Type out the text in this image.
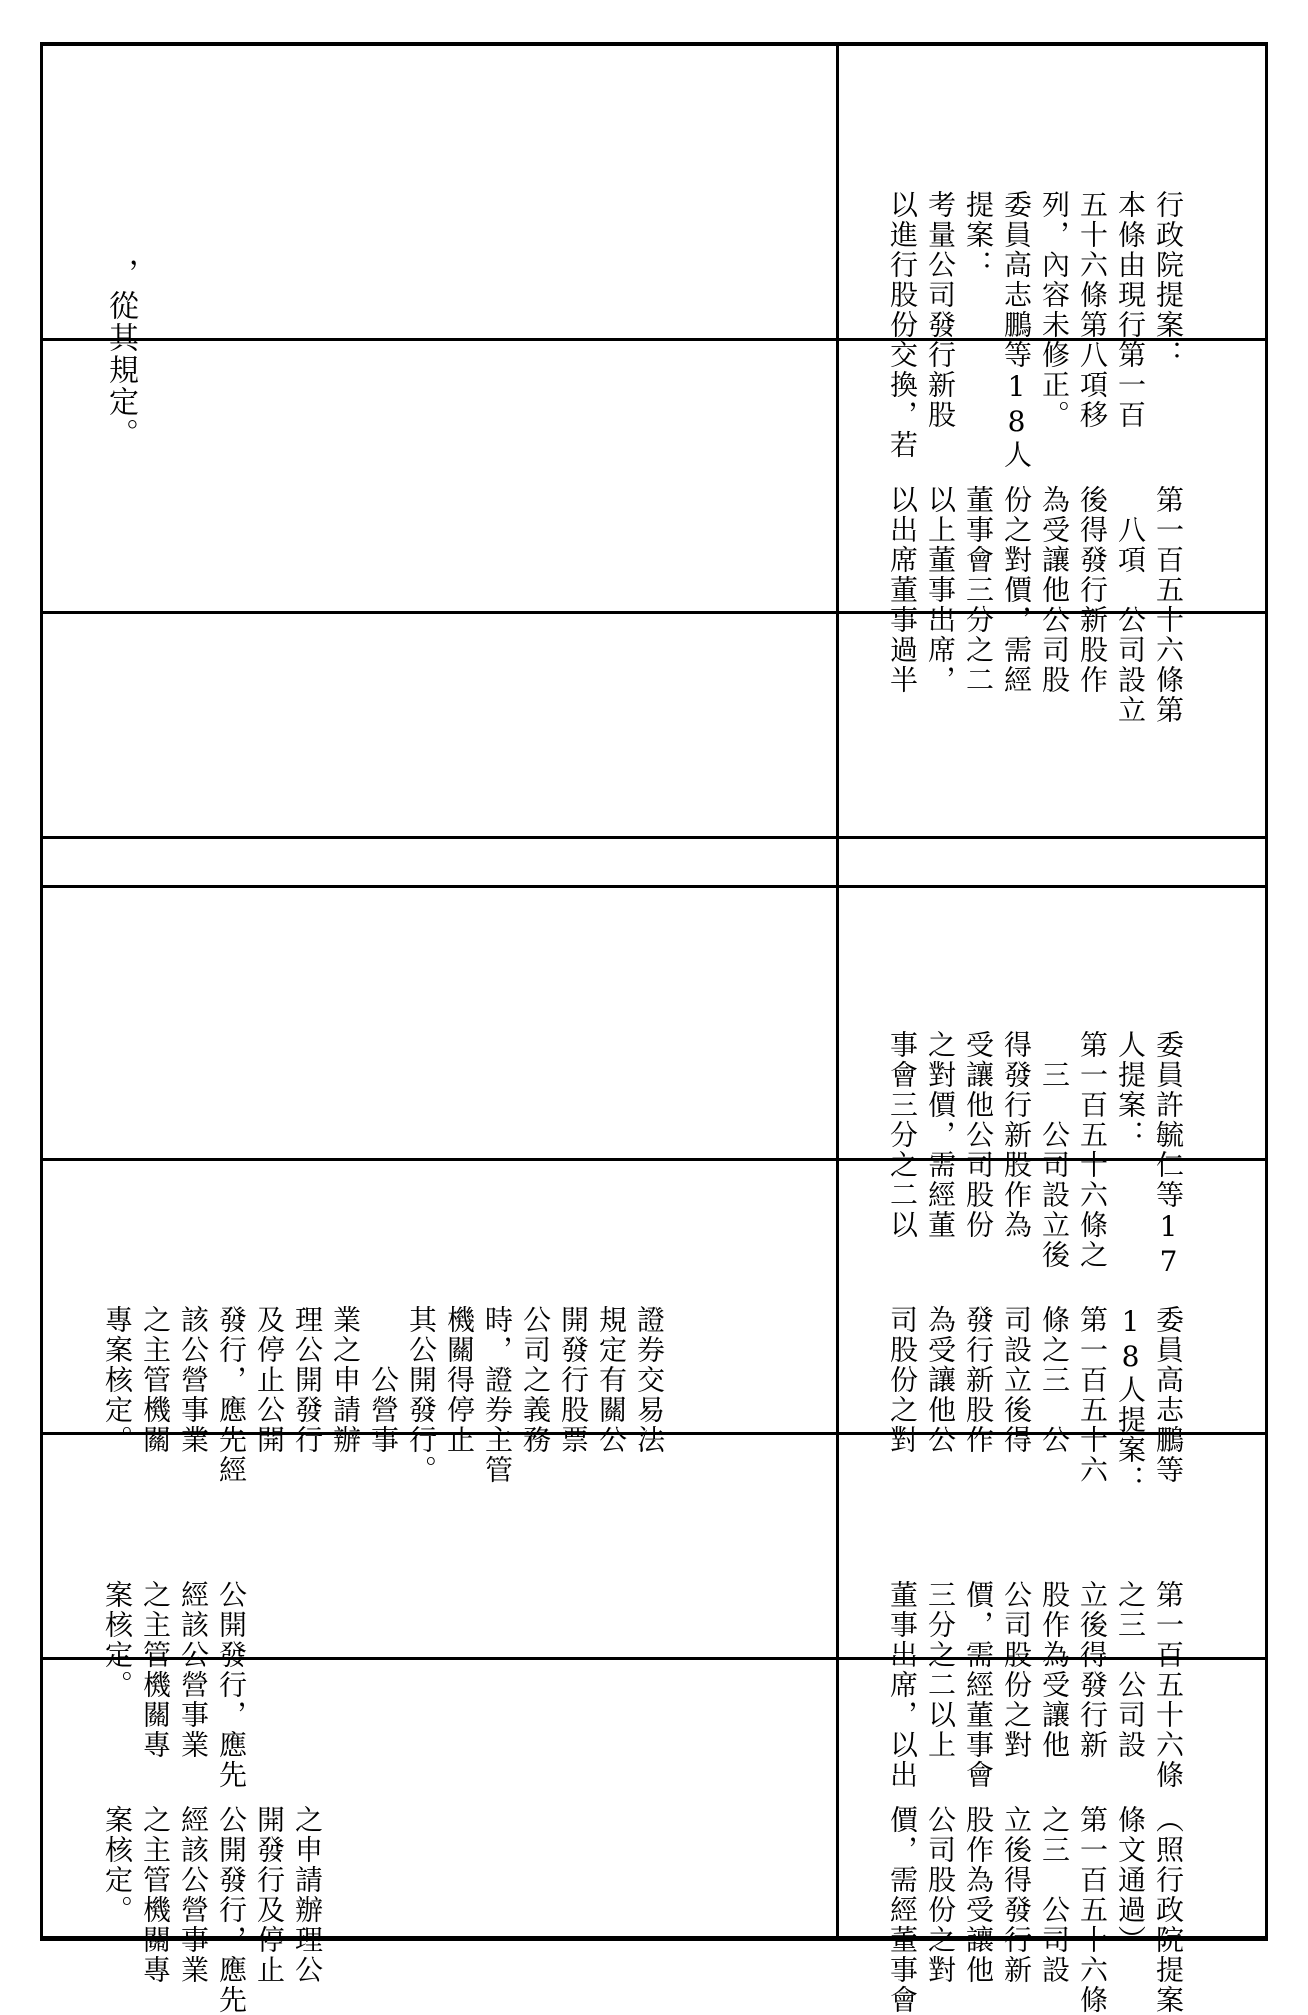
，從其規定。

證券交易法
規定有關公
開發行股票
公司之義務
時，證券主管
機關得停止
其公開發行。
　　公營事
業之申請辦
理公開發行
及停止公開
發行，應先經
該公營事業
之主管機關
專案核定。

公開發行，應先
經該公營事業
之主管機關專
案核定。

之申請辦理公
開發行及停止
公開發行，應先
經該公營事業
之主管機關專
案核定。

行政院提案：
本條由現行第一百
五十六條第八項移
列，內容未修正。
委員高志鵬等18人
提案：
考量公司發行新股
以進行股份交換，若

第一百五十六條第
　八項　公司設立
後得發行新股作
為受讓他公司股
份之對價，需經
董事會三分之二
以上董事出席，
以出席董事過半

委員許毓仁等17
人提案：
第一百五十六條之
　三　公司設立後
得發行新股作為
受讓他公司股份
之對價，需經董
事會三分之二以

委員高志鵬等
18人提案：
第一百五十六
條之三　公
司設立後得
發行新股作
為受讓他公
司股份之對

第一百五十六條
之三　公司設
立後得發行新
股作為受讓他
公司股份之對
價，需經董事會
三分之二以上
董事出席，以出

（照行政院提案
條文通過）
第一百五十六條
之三　公司設
立後得發行新
股作為受讓他
公司股份之對
價，需經董事會
